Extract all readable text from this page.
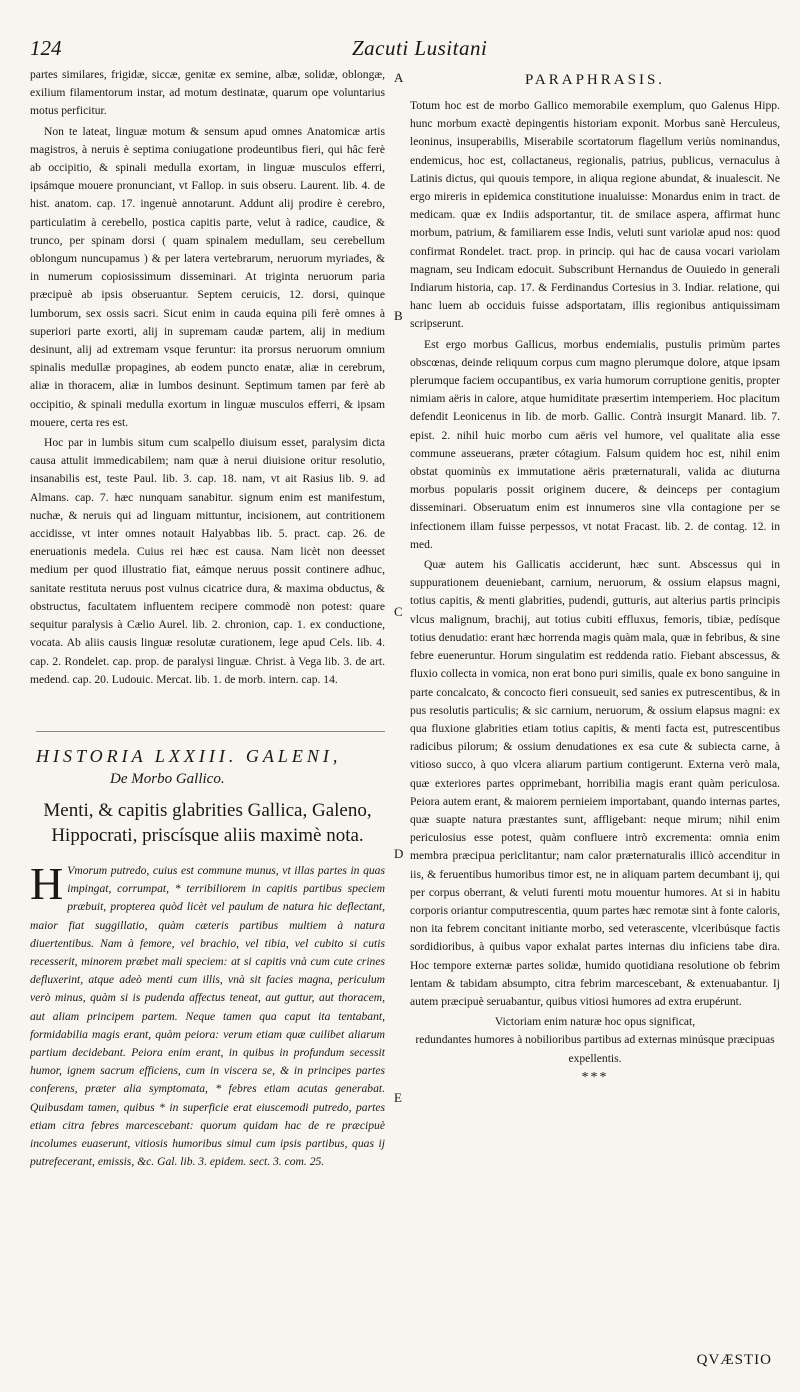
124	Zacuti Lusitani

partes similares, frigidæ, siccæ, genitæ ex semine, albæ, solidæ, oblongæ, exilium filamentorum instar, ad motum destinatæ, quarum ope voluntarius motus perficitur.

Non te lateat, linguæ motum & sensum apud omnes Anatomicæ artis magistros, à neruis è septima coniugatione prodeuntibus fieri, qui hâc ferè ab occipitio, & spinali medulla exortam, in linguæ musculos efferri, ipsámque mouere pronunciant, vt Fallop. in suis obseru. Laurent. lib. 4. de hist. anatom. cap. 17. ingenuè annotarunt. Addunt alij prodire è cerebro, particulatim à cerebello, postica capitis parte, velut à radice, caudice, & trunco, per spinam dorsi ( quam spinalem medullam, seu cerebellum oblongum nuncupamus ) & per latera vertebrarum, neruorum myriades, & in numerum copiosissimum disseminari. At triginta neruorum paria præcipuè ab ipsis obseruantur. Septem ceruicis, 12. dorsi, quinque lumborum, sex ossis sacri. Sicut enim in cauda equina pili ferè omnes à superiori parte exorti, alij in supremam caudæ partem, alij in medium desinunt, alij ad extremam vsque feruntur: ita prorsus neruorum omnium spinalis medullæ propagines, ab eodem puncto enatæ, aliæ in cerebrum, aliæ in thoracem, aliæ in lumbos desinunt. Septimum tamen par ferè ab occipitio, & spinali medulla exortum in linguæ musculos efferri, & ipsam mouere, certa res est.

Hoc par in lumbis situm cum scalpello diuisum esset, paralysim dicta causa attulit immedicabilem; nam quæ à nerui diuisione oritur resolutio, insanabilis est, teste Paul. lib. 3. cap. 18. nam, vt ait Rasius lib. 9. ad Almans. cap. 7. hæc nunquam sanabitur. signum enim est manifestum, nuchæ, & neruis qui ad linguam mittuntur, incisionem, aut contritionem accidisse, vt inter omnes notauit Halyabbas lib. 5. pract. cap. 26. de eneruationis medela. Cuius rei hæc est causa. Nam licèt non deesset medium per quod illustratio fiat, eámque neruus possit continere adhuc, sanitate restituta neruus post vulnus cicatrice dura, & maxima obductus, & obstructus, facultatem influentem recipere commodè non potest: quare sequitur paralysis à Cælio Aurel. lib. 2. chronion, cap. 1. ex conductione, vocata. Ab aliis causis linguæ resolutæ curationem, lege apud Cels. lib. 4. cap. 2. Rondelet. cap. prop. de paralysi linguæ. Christ. à Vega lib. 3. de art. medend. cap. 20. Ludouic. Mercat. lib. 1. de morb. intern. cap. 14.

HISTORIA LXXIII. GALENI,
De Morbo Gallico.
Menti, & capitis glabrities Gallica, Galeno, Hippocrati, priscísque aliis maximè nota.

H Vmorum putredo, cuius est commune munus, vt illas partes in quas impingat, corrumpat, * terribiliorem in capitis partibus speciem præbuit, propterea quòd licèt vel paulum de natura hic deflectant, maior fiat suggillatio, quàm cæteris partibus multiem à natura diuertentibus. Nam à femore, vel brachio, vel tibia, vel cubito si cutis recesserit, minorem præbet mali speciem: at si capitis vnà cum cute crines defluxerint, atque adeò menti cum illis, vnà sit facies magna, periculum verò minus, quàm si is pudenda affectus teneat, aut guttur, aut thoracem, aut aliam principem partem. Neque tamen qua caput ita tentabant, formidabilia magis erant, quàm peiora: verum etiam quæ cuilibet aliarum partium decidebant. Peiora enim erant, in quibus in profundum secessit humor, ignem sacrum efficiens, cum in viscera se, & in principes partes conferens, præter alia symptomata, * febres etiam acutas generabat. Quibusdam tamen, quibus * in superficie erat eiuscemodi putredo, partes etiam citra febres marcescebant: quorum quidam hac de re præcipuè incolumes euaserunt, vitiosis humoribus simul cum ipsis partibus, quas ij putrefecerant, emissis, &c. Gal. lib. 3. epidem. sect. 3. com. 25.

PARAPHRASIS.

Totum hoc est de morbo Gallico memorabile exemplum, quo Galenus Hipp. hunc morbum exactè depingentis historiam exponit. Morbus sanè Herculeus, leoninus, insuperabilis, Miserabile scortatorum flagellum veriùs nominandus, endemicus, hoc est, collactaneus, regionalis, patrius, publicus, vernaculus à Latinis dictus, qui quouis tempore, in aliqua regione abundat, & inualescit. Ne ergo mireris in epidemica constitutione inualuisse: Monardus enim in tract. de medicam. quæ ex Indiis adsportantur, tit. de smilace aspera, affirmat hunc morbum, patrium, & familiarem esse Indis, veluti sunt variolæ apud nos: quod confirmat Rondelet. tract. prop. in princip. qui hac de causa vocari variolam magnam, seu Indicam edocuit. Subscribunt Hernandus de Ouuiedo in generali Indiarum historia, cap. 17. & Ferdinandus Cortesius in 3. Indiar. relatione, qui hanc luem ab occiduis fuisse adsportatam, illis regionibus antiquissimam scripserunt.

Est ergo morbus Gallicus, morbus endemialis, pustulis primùm partes obscœnas, deinde reliquum corpus cum magno plerumque dolore, atque ipsam plerumque faciem occupantibus, ex varia humorum corruptione genitis, propter nimiam aëris in calore, atque humiditate præsertim intemperiem. Hoc placitum defendit Leonicenus in lib. de morb. Gallic. Contrà insurgit Manard. lib. 7. epist. 2. nihil huic morbo cum aëris vel humore, vel qualitate alia esse commune asseuerans, præter cótagium. Falsum quidem hoc est, nihil enim obstat quominùs ex immutatione aëris præternaturali, valida ac diuturna morbus popularis possit originem ducere, & deinceps per contagium disseminari. Obseruatum enim est innumeros sine vlla contagione per se infectionem illam fuisse perpessos, vt notat Fracast. lib. 2. de contag. 12. in med.

Quæ autem his Gallicatis acciderunt, hæc sunt. Abscessus qui in suppurationem deueniebant, carnium, neruorum, & ossium elapsus magni, totius capitis, & menti glabrities, pudendi, gutturis, aut alterius partis principis vlcus malignum, brachij, aut totius cubiti effluxus, femoris, tibiæ, pedísque totius denudatio: erant hæc horrenda magis quàm mala, quæ in febribus, & sine febre eueneruntur. Horum singulatim est reddenda ratio. Fiebant abscessus, & fluxio collecta in vomica, non erat bono puri similis, quale ex bono sanguine in parte concalcato, & concocto fieri consueuit, sed sanies ex putrescentibus, & in pus resolutis particulis; & sic carnium, neruorum, & ossium elapsus magni: ex qua fluxione glabrities etiam totius capitis, & menti facta est, putrescentibus radicibus pilorum; & ossium denudationes ex esa cute & subiecta carne, à vitioso succo, à quo vlcera aliarum partium contigerunt. Externa verò mala, quæ exteriores partes opprimebant, horribilia magis erant quàm periculosa. Peiora autem erant, & maiorem pernieiem importabant, quando internas partes, quæ suapte natura præstantes sunt, affligebant: neque mirum; nihil enim periculosius esse potest, quàm confluere intrò excrementa: omnia enim membra præcipua periclitantur; nam calor præternaturalis illicò accenditur in iis, & feruentibus humoribus timor est, ne in aliquam partem decumbant ij, qui per corpus oberrant, & veluti furenti motu mouentur humores. At si in habitu corporis oriantur computrescentia, quum partes hæc remotæ sint à fonte caloris, non ita febrem concitant initiante morbo, sed veterascente, vlceribúsque factis sordidioribus, à quibus vapor exhalat partes internas diu inficiens tabe dira. Hoc tempore externæ partes solidæ, humido quotidiana resolutione ob febrim lentam & tabidam absumpto, citra febrim marcescebant, & extenuabantur. Ij autem præcipuè seruabantur, quibus vitiosi humores ad extra erupérunt.

Victoriam enim naturæ hoc opus significat,

redundantes humores à nobilioribus partibus ad externas minúsque præcipuas

expellentis.

***
A
B
C
D
E
QVÆSTIO
